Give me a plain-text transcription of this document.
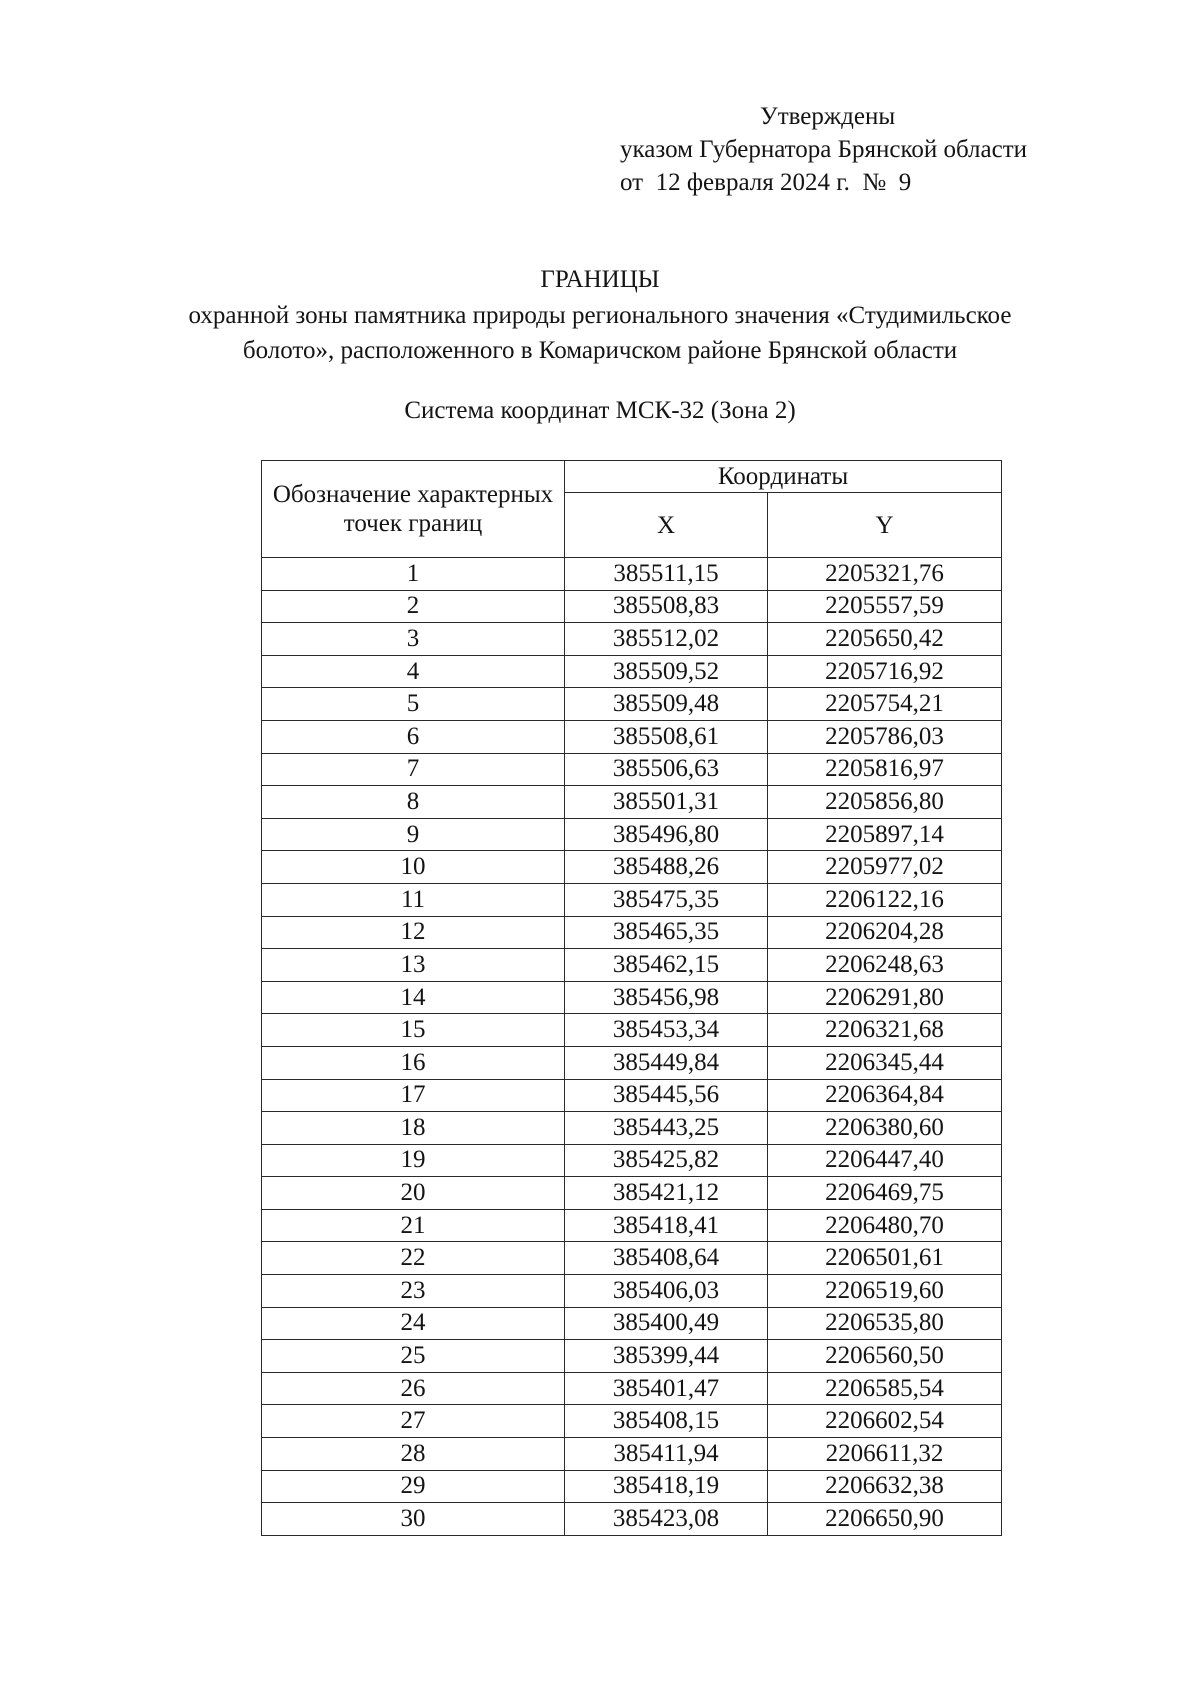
Утверждены
указом Губернатора Брянской области
от  12 февраля 2024 г.  №  9
ГРАНИЦЫ
охранной зоны памятника природы регионального значения «Студимильское
болото», расположенного в Комаричском районе Брянской области
Система координат МСК-32 (Зона 2)
Обозначение характерных точек границ	Координаты	
	X	Y
1	385511,15	2205321,76
2	385508,83	2205557,59
3	385512,02	2205650,42
4	385509,52	2205716,92
5	385509,48	2205754,21
6	385508,61	2205786,03
7	385506,63	2205816,97
8	385501,31	2205856,80
9	385496,80	2205897,14
10	385488,26	2205977,02
11	385475,35	2206122,16
12	385465,35	2206204,28
13	385462,15	2206248,63
14	385456,98	2206291,80
15	385453,34	2206321,68
16	385449,84	2206345,44
17	385445,56	2206364,84
18	385443,25	2206380,60
19	385425,82	2206447,40
20	385421,12	2206469,75
21	385418,41	2206480,70
22	385408,64	2206501,61
23	385406,03	2206519,60
24	385400,49	2206535,80
25	385399,44	2206560,50
26	385401,47	2206585,54
27	385408,15	2206602,54
28	385411,94	2206611,32
29	385418,19	2206632,38
30	385423,08	2206650,90
